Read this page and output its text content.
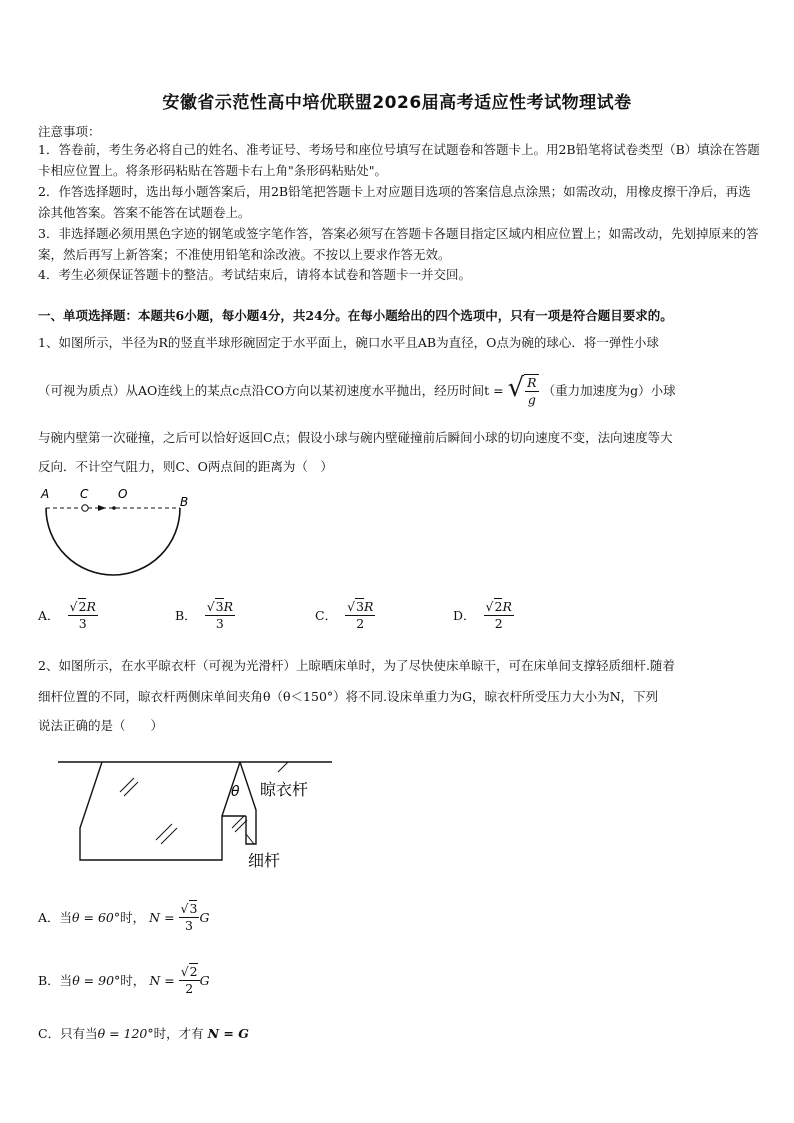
安徽省示范性高中培优联盟2026届高考适应性考试物理试卷
注意事项：
1．答卷前，考生务必将自己的姓名、准考证号、考场号和座位号填写在试题卷和答题卡上。用2B铅笔将试卷类型（B）填涂在答题卡相应位置上。将条形码粘贴在答题卡右上角"条形码粘贴处"。
2．作答选择题时，选出每小题答案后，用2B铅笔把答题卡上对应题目选项的答案信息点涂黑；如需改动，用橡皮擦干净后，再选涂其他答案。答案不能答在试题卷上。
3．非选择题必须用黑色字迹的钢笔或签字笔作答，答案必须写在答题卡各题目指定区域内相应位置上；如需改动，先划掉原来的答案，然后再写上新答案；不准使用铅笔和涂改液。不按以上要求作答无效。
4．考生必须保证答题卡的整洁。考试结束后，请将本试卷和答题卡一并交回。
一、单项选择题：本题共6小题，每小题4分，共24分。在每小题给出的四个选项中，只有一项是符合题目要求的。
1、如图所示，半径为R的竖直半球形碗固定于水平面上，碗口水平且AB为直径，O点为碗的球心．将一弹性小球
（可视为质点）从AO连线上的某点c点沿CO方向以某初速度水平抛出，经历时间t = √ $\frac{R}{g}$ （重力加速度为g）小球
与碗内壁第一次碰撞，之后可以恰好返回C点；假设小球与碗内壁碰撞前后瞬间小球的切向速度不变，法向速度等大
反向．不计空气阻力，则C、O两点间的距离为（　）
A	C O
B
A． $\frac{√2R}{3}$	B． $\frac{√3R}{3}$	C． $\frac{√3R}{2}$	D． $\frac{√2R}{2}$
2、如图所示，在水平晾衣杆（可视为光滑杆）上晾晒床单时，为了尽快使床单晾干，可在床单间支撑轻质细杆.随着
细杆位置的不同，晾衣杆两侧床单间夹角θ（θ＜150°）将不同.设床单重力为G，晾衣杆所受压力大小为N，下列
说法正确的是（　　）
θ 晾衣杆
细杆
A．当 θ = 60° 时， $N = \frac{√3}{3}$ G
B．当 θ = 90° 时， $N = \frac{√2}{2}$ G
C．只有当 θ = 120° 时，才有 N = G
